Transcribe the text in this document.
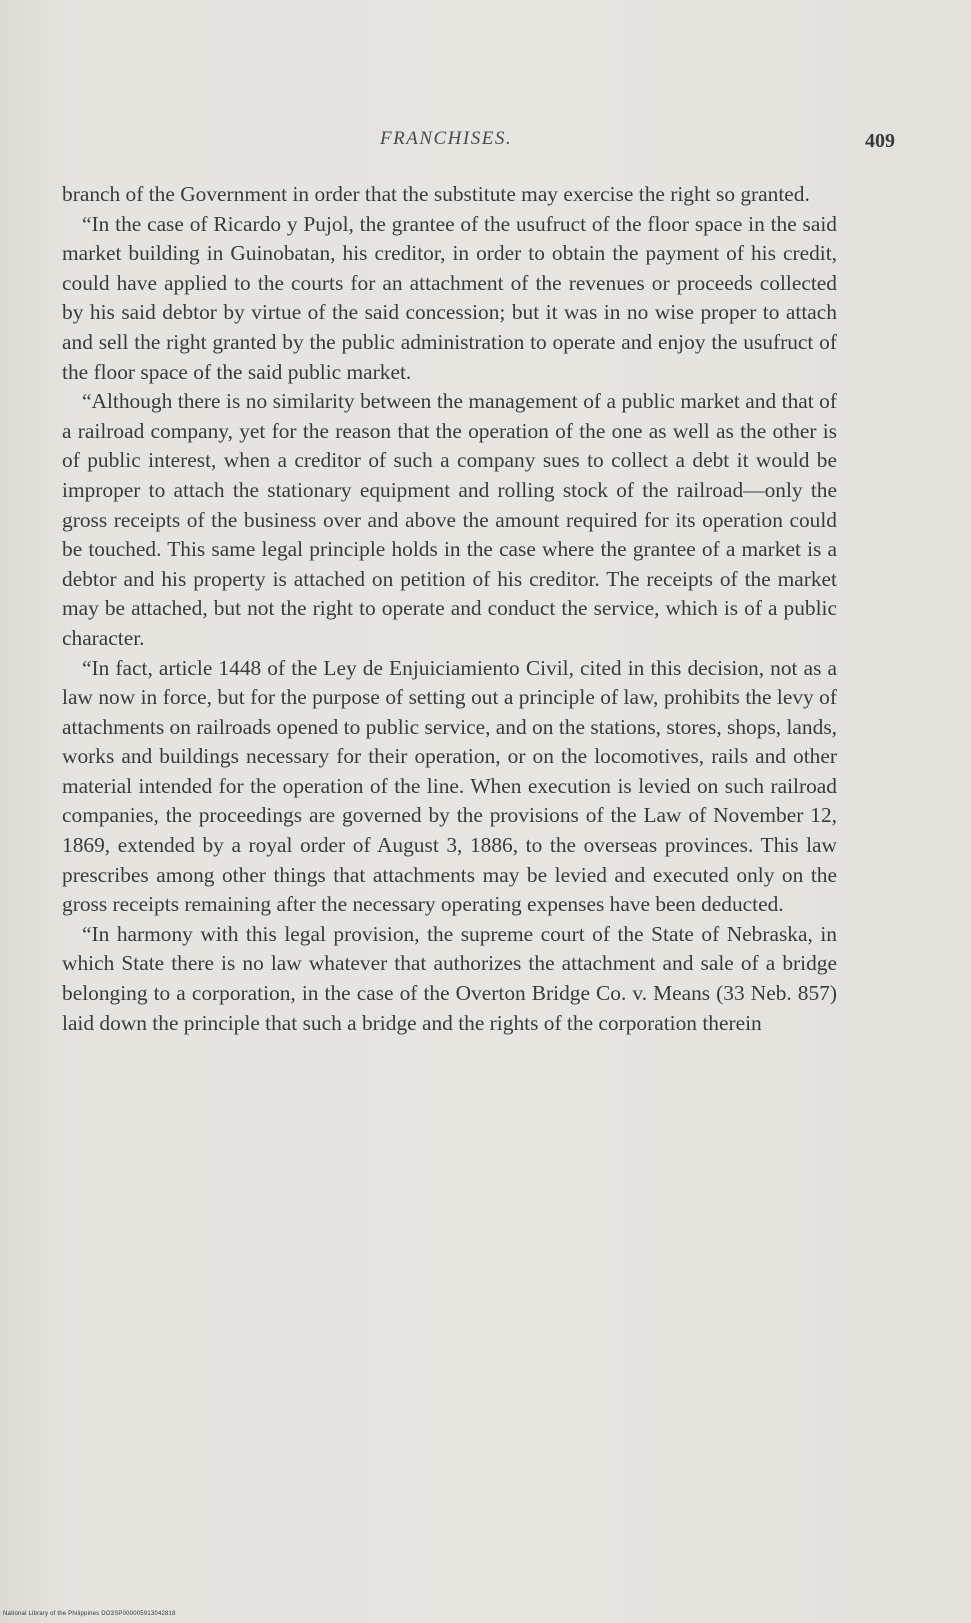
FRANCHISES.	409

branch of the Government in order that the substitute may exercise the right so granted.

“In the case of Ricardo y Pujol, the grantee of the usufruct of the floor space in the said market building in Guinobatan, his creditor, in order to obtain the payment of his credit, could have applied to the courts for an attachment of the revenues or proceeds collected by his said debtor by virtue of the said concession; but it was in no wise proper to attach and sell the right granted by the public administration to operate and enjoy the usufruct of the floor space of the said public market.

“Although there is no similarity between the management of a public market and that of a railroad company, yet for the reason that the operation of the one as well as the other is of public interest, when a creditor of such a company sues to collect a debt it would be improper to attach the stationary equipment and rolling stock of the railroad—only the gross receipts of the business over and above the amount required for its operation could be touched. This same legal principle holds in the case where the grantee of a market is a debtor and his property is attached on petition of his creditor. The receipts of the market may be attached, but not the right to operate and conduct the service, which is of a public character.

“In fact, article 1448 of the Ley de Enjuiciamiento Civil, cited in this decision, not as a law now in force, but for the purpose of setting out a principle of law, prohibits the levy of attachments on railroads opened to public service, and on the stations, stores, shops, lands, works and buildings necessary for their operation, or on the locomotives, rails and other material intended for the operation of the line. When execution is levied on such railroad companies, the proceedings are governed by the provisions of the Law of November 12, 1869, extended by a royal order of August 3, 1886, to the overseas provinces. This law prescribes among other things that attachments may be levied and executed only on the gross receipts remaining after the necessary operating expenses have been deducted.

“In harmony with this legal provision, the supreme court of the State of Nebraska, in which State there is no law whatever that authorizes the attachment and sale of a bridge belonging to a corporation, in the case of the Overton Bridge Co. v. Means (33 Neb. 857) laid down the principle that such a bridge and the rights of the corporation therein

National Library of the Philippines DO3SP000005913042818
